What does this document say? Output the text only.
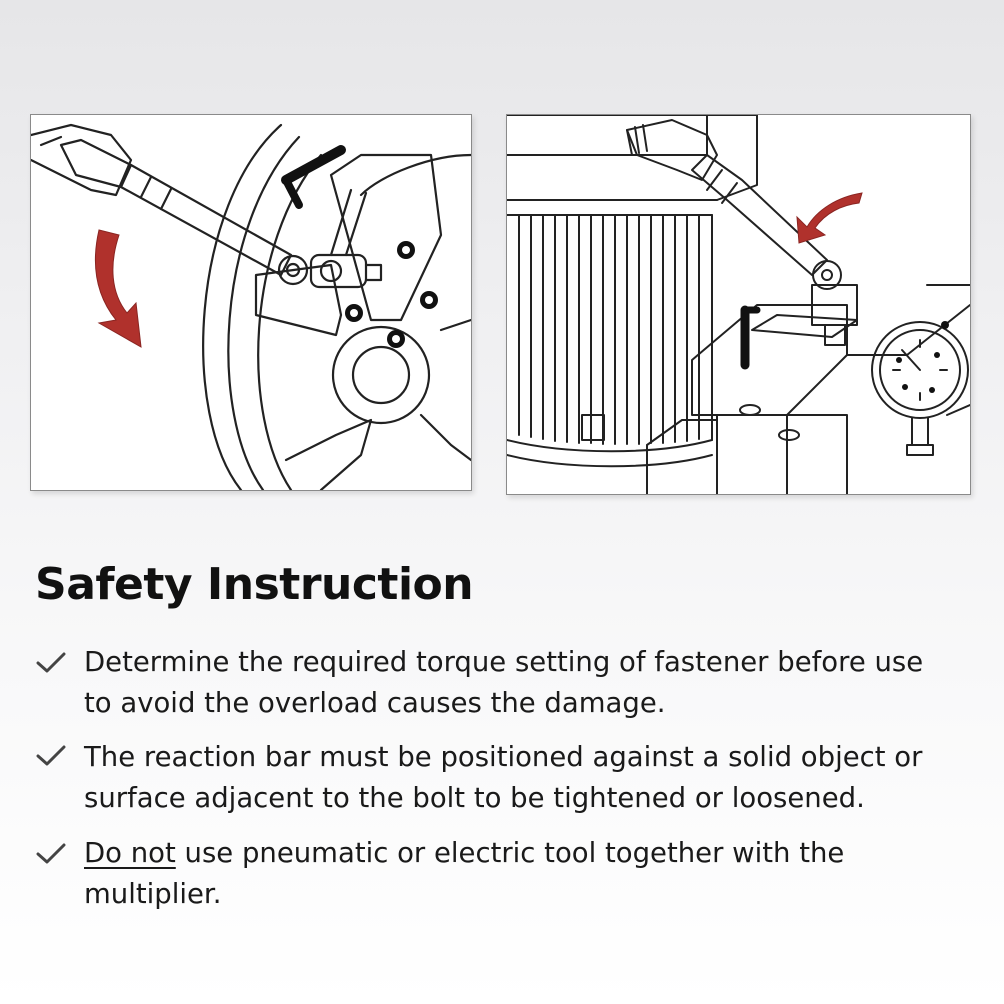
Safety Instruction
Determine the required torque setting of fastener before use
to avoid the overload causes the damage.
The reaction bar must be positioned against a solid object or
surface adjacent to the bolt to be tightened or loosened.
Do not use pneumatic or electric tool together with the
multiplier.
